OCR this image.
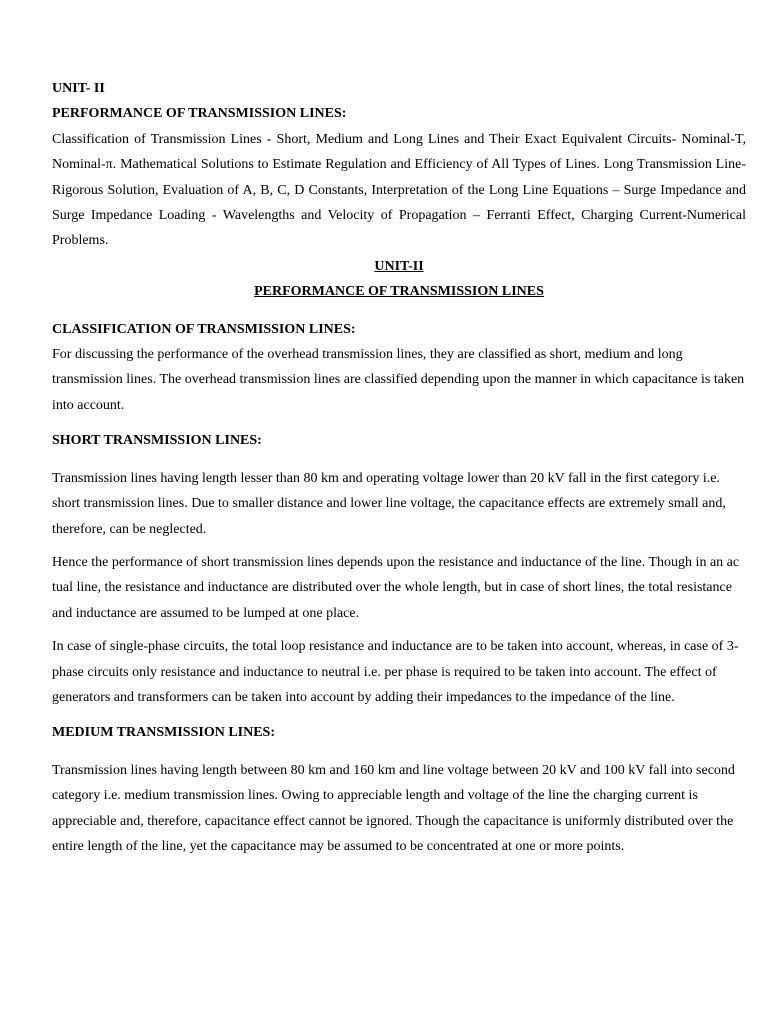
UNIT- II

PERFORMANCE OF TRANSMISSION LINES:

Classification of Transmission Lines - Short, Medium and Long Lines and Their Exact Equivalent Circuits- Nominal-T, Nominal-π. Mathematical Solutions to Estimate Regulation and Efficiency of All Types of Lines. Long Transmission Line-Rigorous Solution, Evaluation of A, B, C, D Constants, Interpretation of the Long Line Equations – Surge Impedance and Surge Impedance Loading - Wavelengths and Velocity of Propagation – Ferranti Effect, Charging Current-Numerical Problems.

UNIT-II

PERFORMANCE OF TRANSMISSION LINES

CLASSIFICATION OF TRANSMISSION LINES:

For discussing the performance of the overhead transmission lines, they are classified as short, medium and long transmission lines. The overhead transmission lines are classified depending upon the manner in which capacitance is taken into account.

SHORT TRANSMISSION LINES:

Transmission lines having length lesser than 80 km and operating voltage lower than 20 kV fall in the first category i.e. short transmission lines. Due to smaller distance and lower line voltage, the capacitance effects are extremely small and, therefore, can be neglected.

Hence the performance of short transmission lines depends upon the resistance and inductance of the line. Though in an ac tual line, the resistance and inductance are distributed over the whole length, but in case of short lines, the total resistance and inductance are assumed to be lumped at one place.

In case of single-phase circuits, the total loop resistance and inductance are to be taken into account, whereas, in case of 3-phase circuits only resistance and inductance to neutral i.e. per phase is required to be taken into account. The effect of generators and transformers can be taken into account by adding their impedances to the impedance of the line.

MEDIUM TRANSMISSION LINES:

Transmission lines having length between 80 km and 160 km and line voltage between 20 kV and 100 kV fall into second category i.e. medium transmission lines. Owing to appreciable length and voltage of the line the charging current is appreciable and, therefore, capacitance effect cannot be ignored. Though the capacitance is uniformly distributed over the entire length of the line, yet the capacitance may be assumed to be concentrated at one or more points.
